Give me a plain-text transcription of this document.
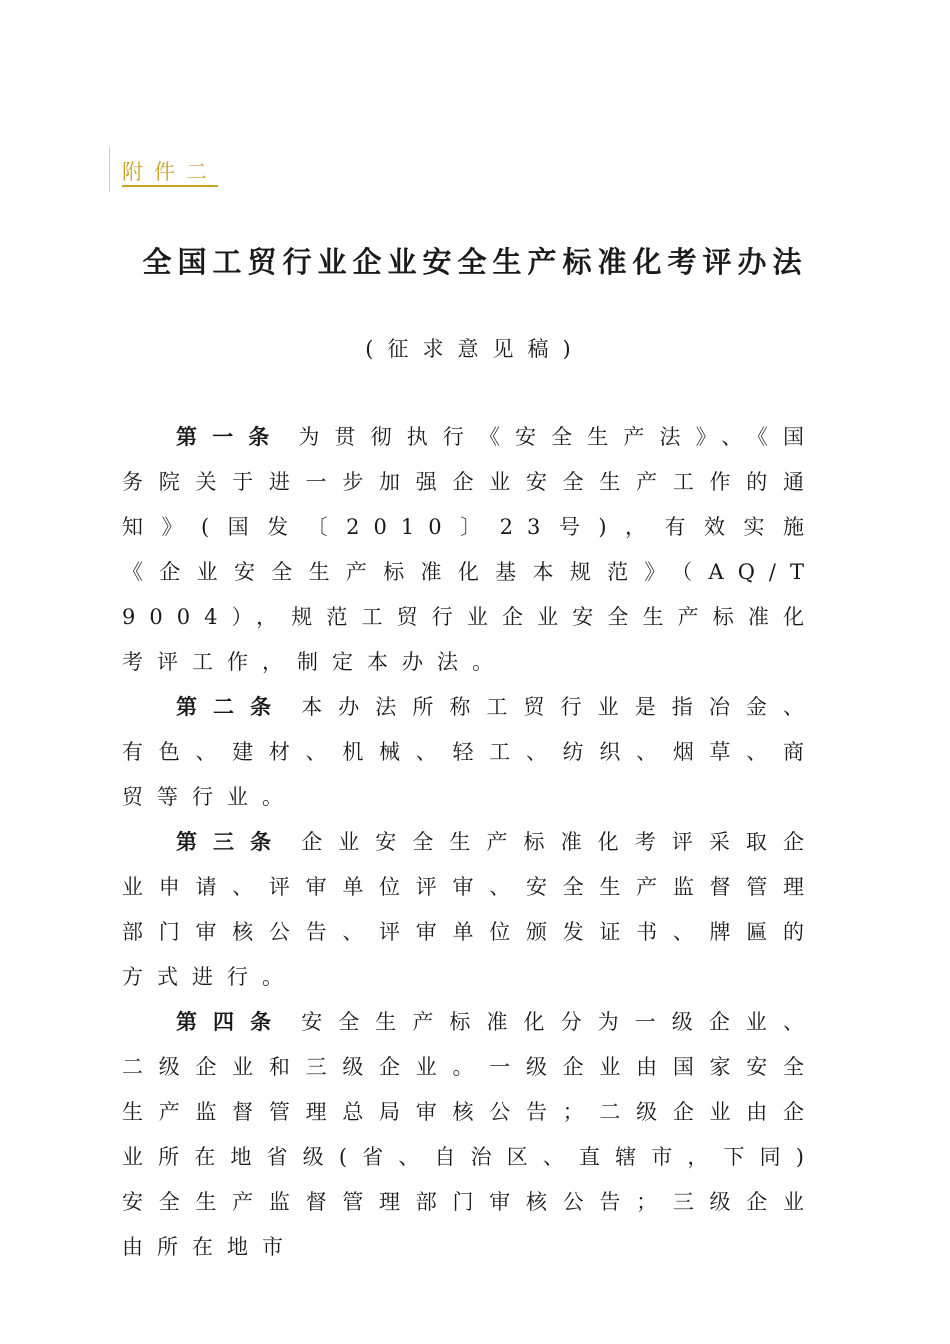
附件二
全国工贸行业企业安全生产标准化考评办法
(征求意见稿)

第一条 为贯彻执行《安全生产法》、《国务院关于进一步加强企业安全生产工作的通知》(国发〔2010〕23号)，有效实施《企业安全生产标准化基本规范》（AQ/T 9004），规范工贸行业企业安全生产标准化考评工作，制定本办法。

第二条 本办法所称工贸行业是指冶金、有色、建材、机械、轻工、纺织、烟草、商贸等行业。

第三条 企业安全生产标准化考评采取企业申请、评审单位评审、安全生产监督管理部门审核公告、评审单位颁发证书、牌匾的方式进行。

第四条 安全生产标准化分为一级企业、二级企业和三级企业。一级企业由国家安全生产监督管理总局审核公告；二级企业由企业所在地省级(省、自治区、直辖市，下同)安全生产监督管理部门审核公告；三级企业由所在地市
